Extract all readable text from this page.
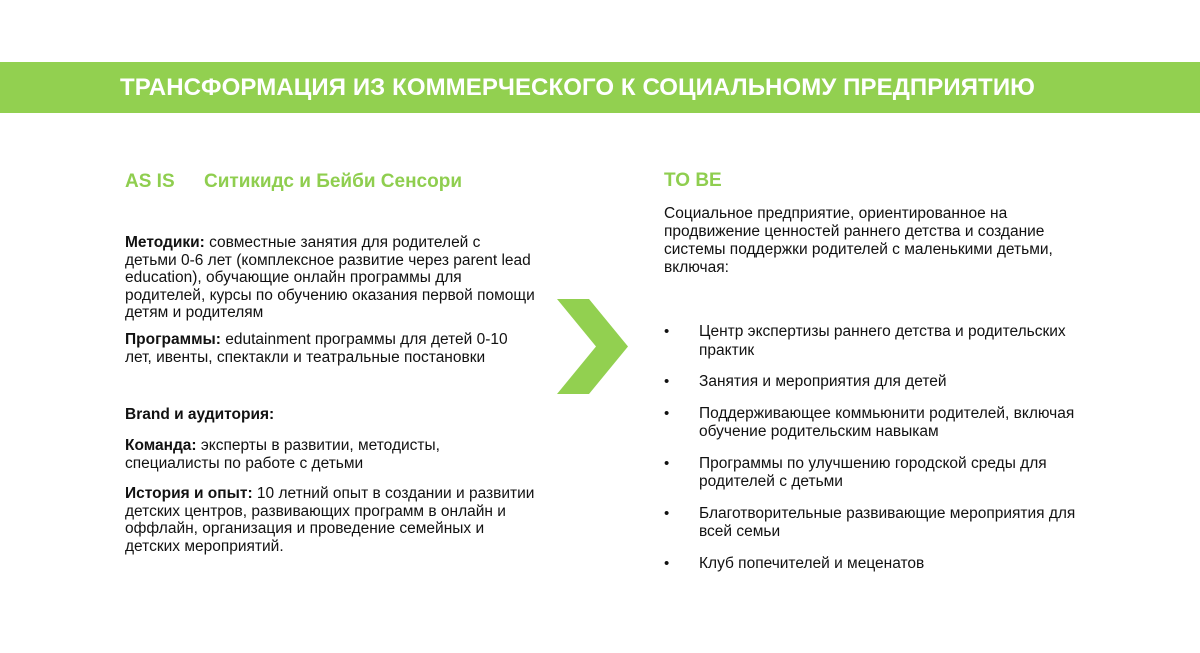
ТРАНСФОРМАЦИЯ ИЗ КОММЕРЧЕСКОГО К СОЦИАЛЬНОМУ ПРЕДПРИЯТИЮ
AS IS Ситикидс и Бейби Сенсори
Методики: совместные занятия для родителей с детьми 0-6 лет (комплексное развитие через parent lead education), обучающие онлайн программы для родителей, курсы по обучению оказания первой помощи детям и родителям
Программы: edutainment программы для детей 0-10 лет, ивенты, спектакли и театральные постановки
Brand и аудитория:
Команда: эксперты в развитии, методисты, специалисты по работе с детьми
История и опыт: 10 летний опыт в создании и развитии детских центров, развивающих программ в онлайн и оффлайн, организация и проведение семейных и детских мероприятий.
TO BE
Социальное предприятие, ориентированное на продвижение ценностей раннего детства и создание системы поддержки родителей с маленькими детьми, включая:
• Центр экспертизы раннего детства и родительских практик
• Занятия и мероприятия для детей
• Поддерживающее коммьюнити родителей, включая обучение родительским навыкам
• Программы по улучшению городской среды для родителей с детьми
• Благотворительные развивающие мероприятия для всей семьи
• Клуб попечителей и меценатов
